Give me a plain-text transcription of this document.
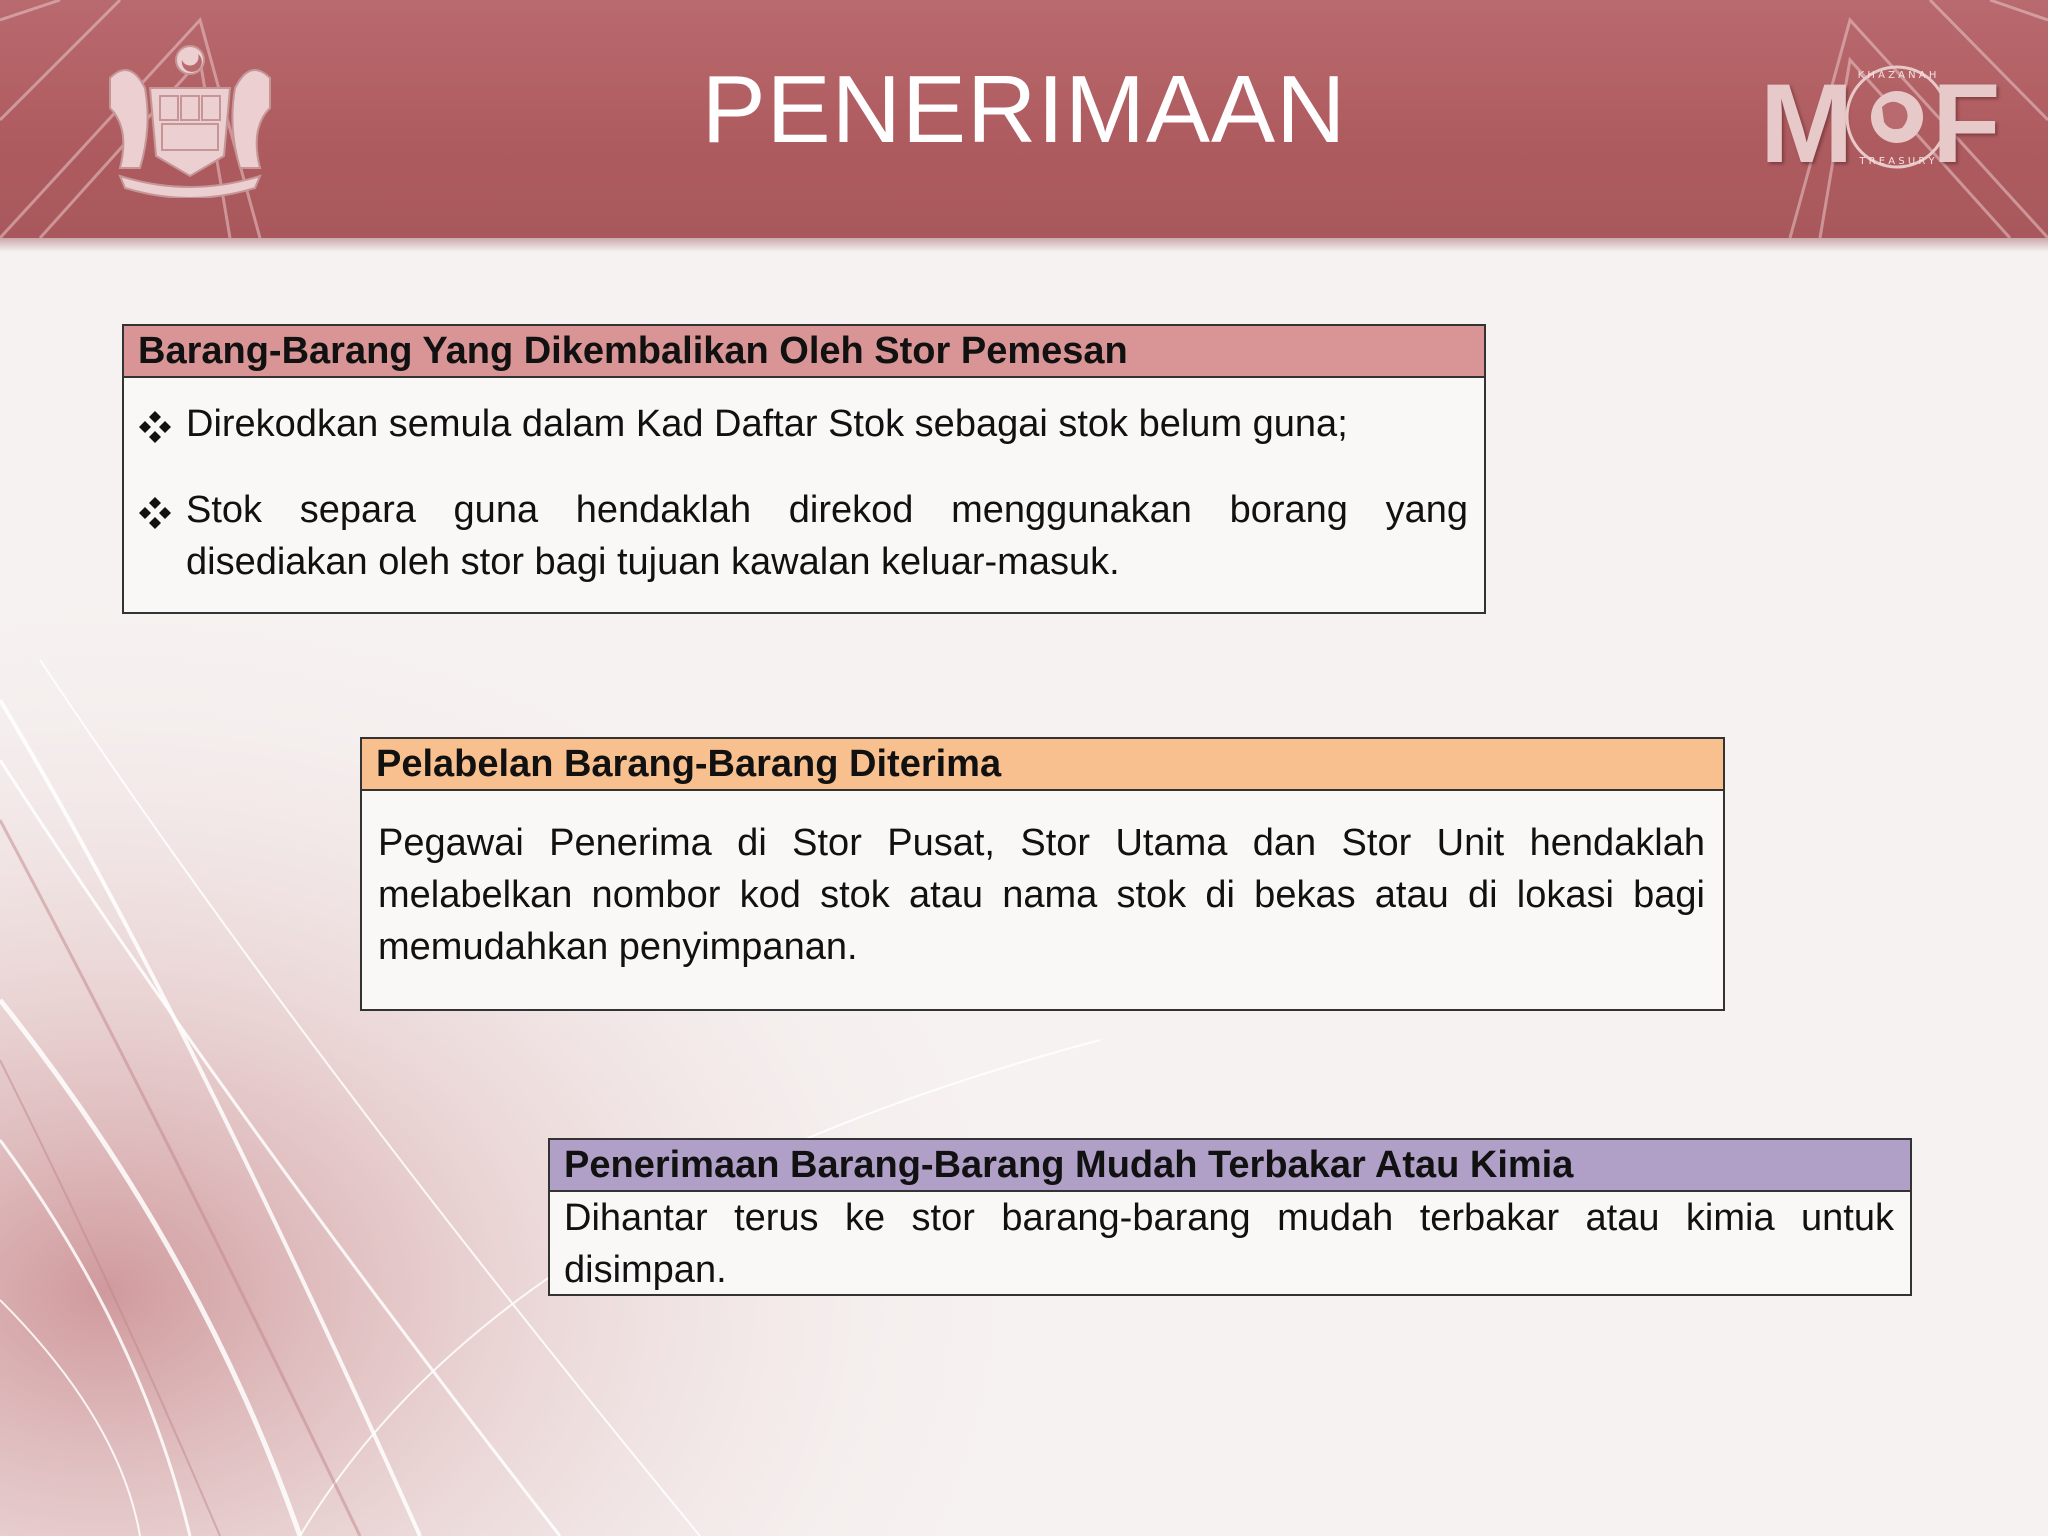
PENERIMAAN	M K H A Z A N A H
T R E A S U R Y
F
Barang-Barang Yang Dikembalikan Oleh Stor Pemesan
Direkodkan semula dalam Kad Daftar Stok sebagai stok belum guna;
Stok separa guna hendaklah direkod menggunakan borang yang disediakan oleh stor bagi tujuan kawalan keluar-masuk.
Pelabelan Barang-Barang Diterima
Pegawai Penerima di Stor Pusat, Stor Utama dan Stor Unit hendaklah melabelkan nombor kod stok atau nama stok di bekas atau di lokasi bagi memudahkan penyimpanan.
Penerimaan Barang-Barang Mudah Terbakar Atau Kimia
Dihantar terus ke stor barang-barang mudah terbakar atau kimia untuk disimpan.
